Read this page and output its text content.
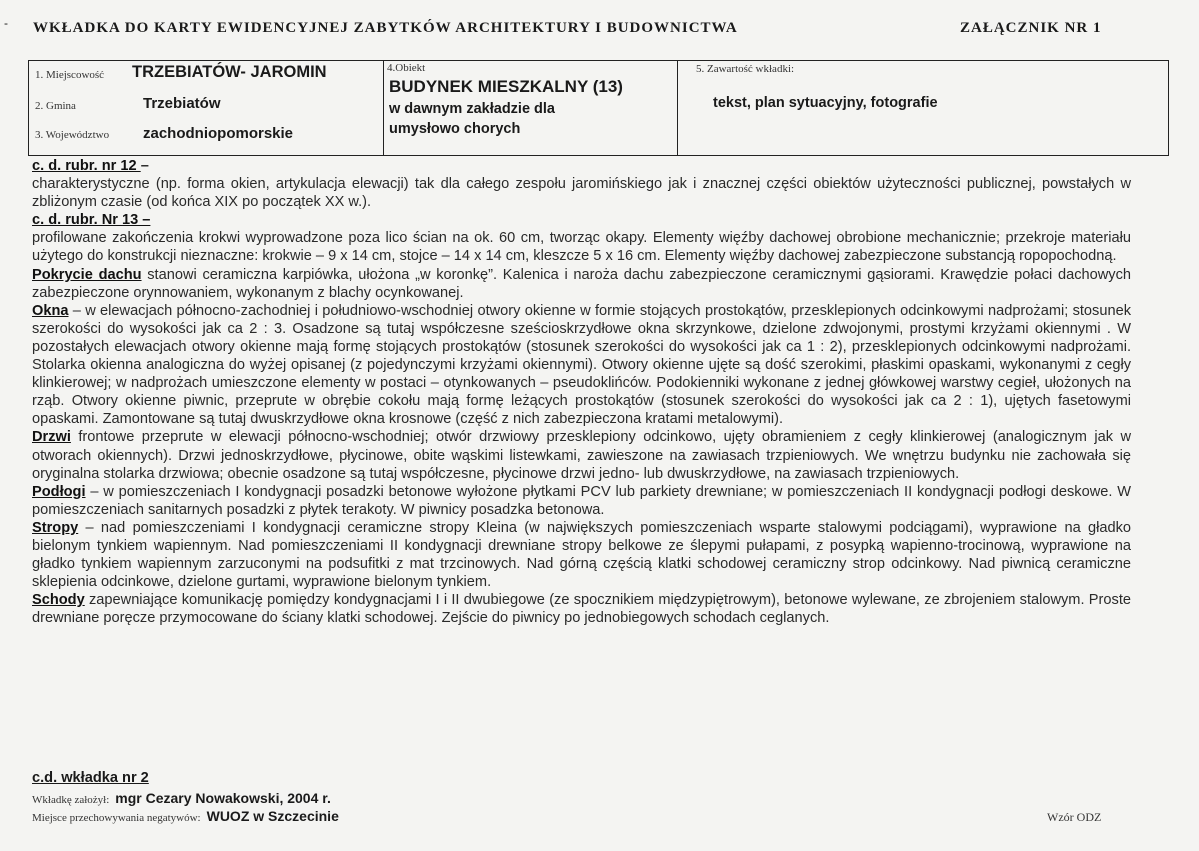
- WKŁADKA DO KARTY EWIDENCYJNEJ ZABYTKÓW ARCHITEKTURY I BUDOWNICTWA	ZAŁĄCZNIK NR 1
1. Miejscowość TRZEBIATÓW- JAROMIN
2. Gmina	Trzebiatów
3. Województwo zachodniopomorskie
4.Obiekt
BUDYNEK MIESZKALNY (13)
w dawnym zakładzie dla
umysłowo chorych
5. Zawartość wkładki:
tekst, plan sytuacyjny, fotografie

c. d. rubr. nr 12 –

charakterystyczne (np. forma okien, artykulacja elewacji) tak dla całego zespołu jaromińskiego jak i znacznej części obiektów użyteczności publicznej, powstałych w zbliżonym czasie (od końca XIX po początek XX w.).

c. d. rubr. Nr 13 –

profilowane zakończenia krokwi wyprowadzone poza lico ścian na ok. 60 cm, tworząc okapy. Elementy więźby dachowej obrobione mechanicznie; przekroje materiału użytego do konstrukcji nieznaczne: krokwie – 9 x 14 cm, stojce – 14 x 14 cm, kleszcze 5 x 16 cm. Elementy więźby dachowej zabezpieczone substancją ropopochodną.

Pokrycie dachu stanowi ceramiczna karpiówka, ułożona „w koronkę”. Kalenica i naroża dachu zabezpieczone ceramicznymi gąsiorami. Krawędzie połaci dachowych zabezpieczone orynnowaniem, wykonanym z blachy ocynkowanej.

Okna – w elewacjach północno-zachodniej i południowo-wschodniej otwory okienne w formie stojących prostokątów, przesklepionych odcinkowymi nadprożami; stosunek szerokości do wysokości jak ca 2 : 3. Osadzone są tutaj współczesne sześcioskrzydłowe okna skrzynkowe, dzielone zdwojonymi, prostymi krzyżami okiennymi . W pozostałych elewacjach otwory okienne mają formę stojących prostokątów (stosunek szerokości do wysokości jak ca 1 : 2), przesklepionych odcinkowymi nadprożami. Stolarka okienna analogiczna do wyżej opisanej (z pojedynczymi krzyżami okiennymi). Otwory okienne ujęte są dość szerokimi, płaskimi opaskami, wykonanymi z cegły klinkierowej; w nadprożach umieszczone elementy w postaci – otynkowanych – pseudoklińców. Podokienniki wykonane z jednej główkowej warstwy cegieł, ułożonych na rząb. Otwory okienne piwnic, przeprute w obrębie cokołu mają formę leżących prostokątów (stosunek szerokości do wysokości jak ca 2 : 1), ujętych fasetowymi opaskami. Zamontowane są tutaj dwuskrzydłowe okna krosnowe (część z nich zabezpieczona kratami metalowymi).

Drzwi frontowe przeprute w elewacji północno-wschodniej; otwór drzwiowy przesklepiony odcinkowo, ujęty obramieniem z cegły klinkierowej (analogicznym jak w otworach okiennych). Drzwi jednoskrzydłowe, płycinowe, obite wąskimi listewkami, zawieszone na zawiasach trzpieniowych. We wnętrzu budynku nie zachowała się oryginalna stolarka drzwiowa; obecnie osadzone są tutaj współczesne, płycinowe drzwi jedno- lub dwuskrzydłowe, na zawiasach trzpieniowych.

Podłogi – w pomieszczeniach I kondygnacji posadzki betonowe wyłożone płytkami PCV lub parkiety drewniane; w pomieszczeniach II kondygnacji podłogi deskowe. W pomieszczeniach sanitarnych posadzki z płytek terakoty. W piwnicy posadzka betonowa.

Stropy – nad pomieszczeniami I kondygnacji ceramiczne stropy Kleina (w największych pomieszczeniach wsparte stalowymi podciągami), wyprawione na gładko bielonym tynkiem wapiennym. Nad pomieszczeniami II kondygnacji drewniane stropy belkowe ze ślepymi pułapami, z posypką wapienno-trocinową, wyprawione na gładko tynkiem wapiennym zarzuconymi na podsufitki z mat trzcinowych. Nad górną częścią klatki schodowej ceramiczny strop odcinkowy. Nad piwnicą ceramiczne sklepienia odcinkowe, dzielone gurtami, wyprawione bielonym tynkiem.

Schody zapewniające komunikację pomiędzy kondygnacjami I i II dwubiegowe (ze spocznikiem międzypiętrowym), betonowe wylewane, ze zbrojeniem stalowym. Proste drewniane poręcze przymocowane do ściany klatki schodowej. Zejście do piwnicy po jednobiegowych schodach ceglanych.

c.d. wkładka nr 2
Wkładkę założył: mgr Cezary Nowakowski, 2004 r.
Miejsce przechowywania negatywów: WUOZ w Szczecinie	Wzór ODZ
